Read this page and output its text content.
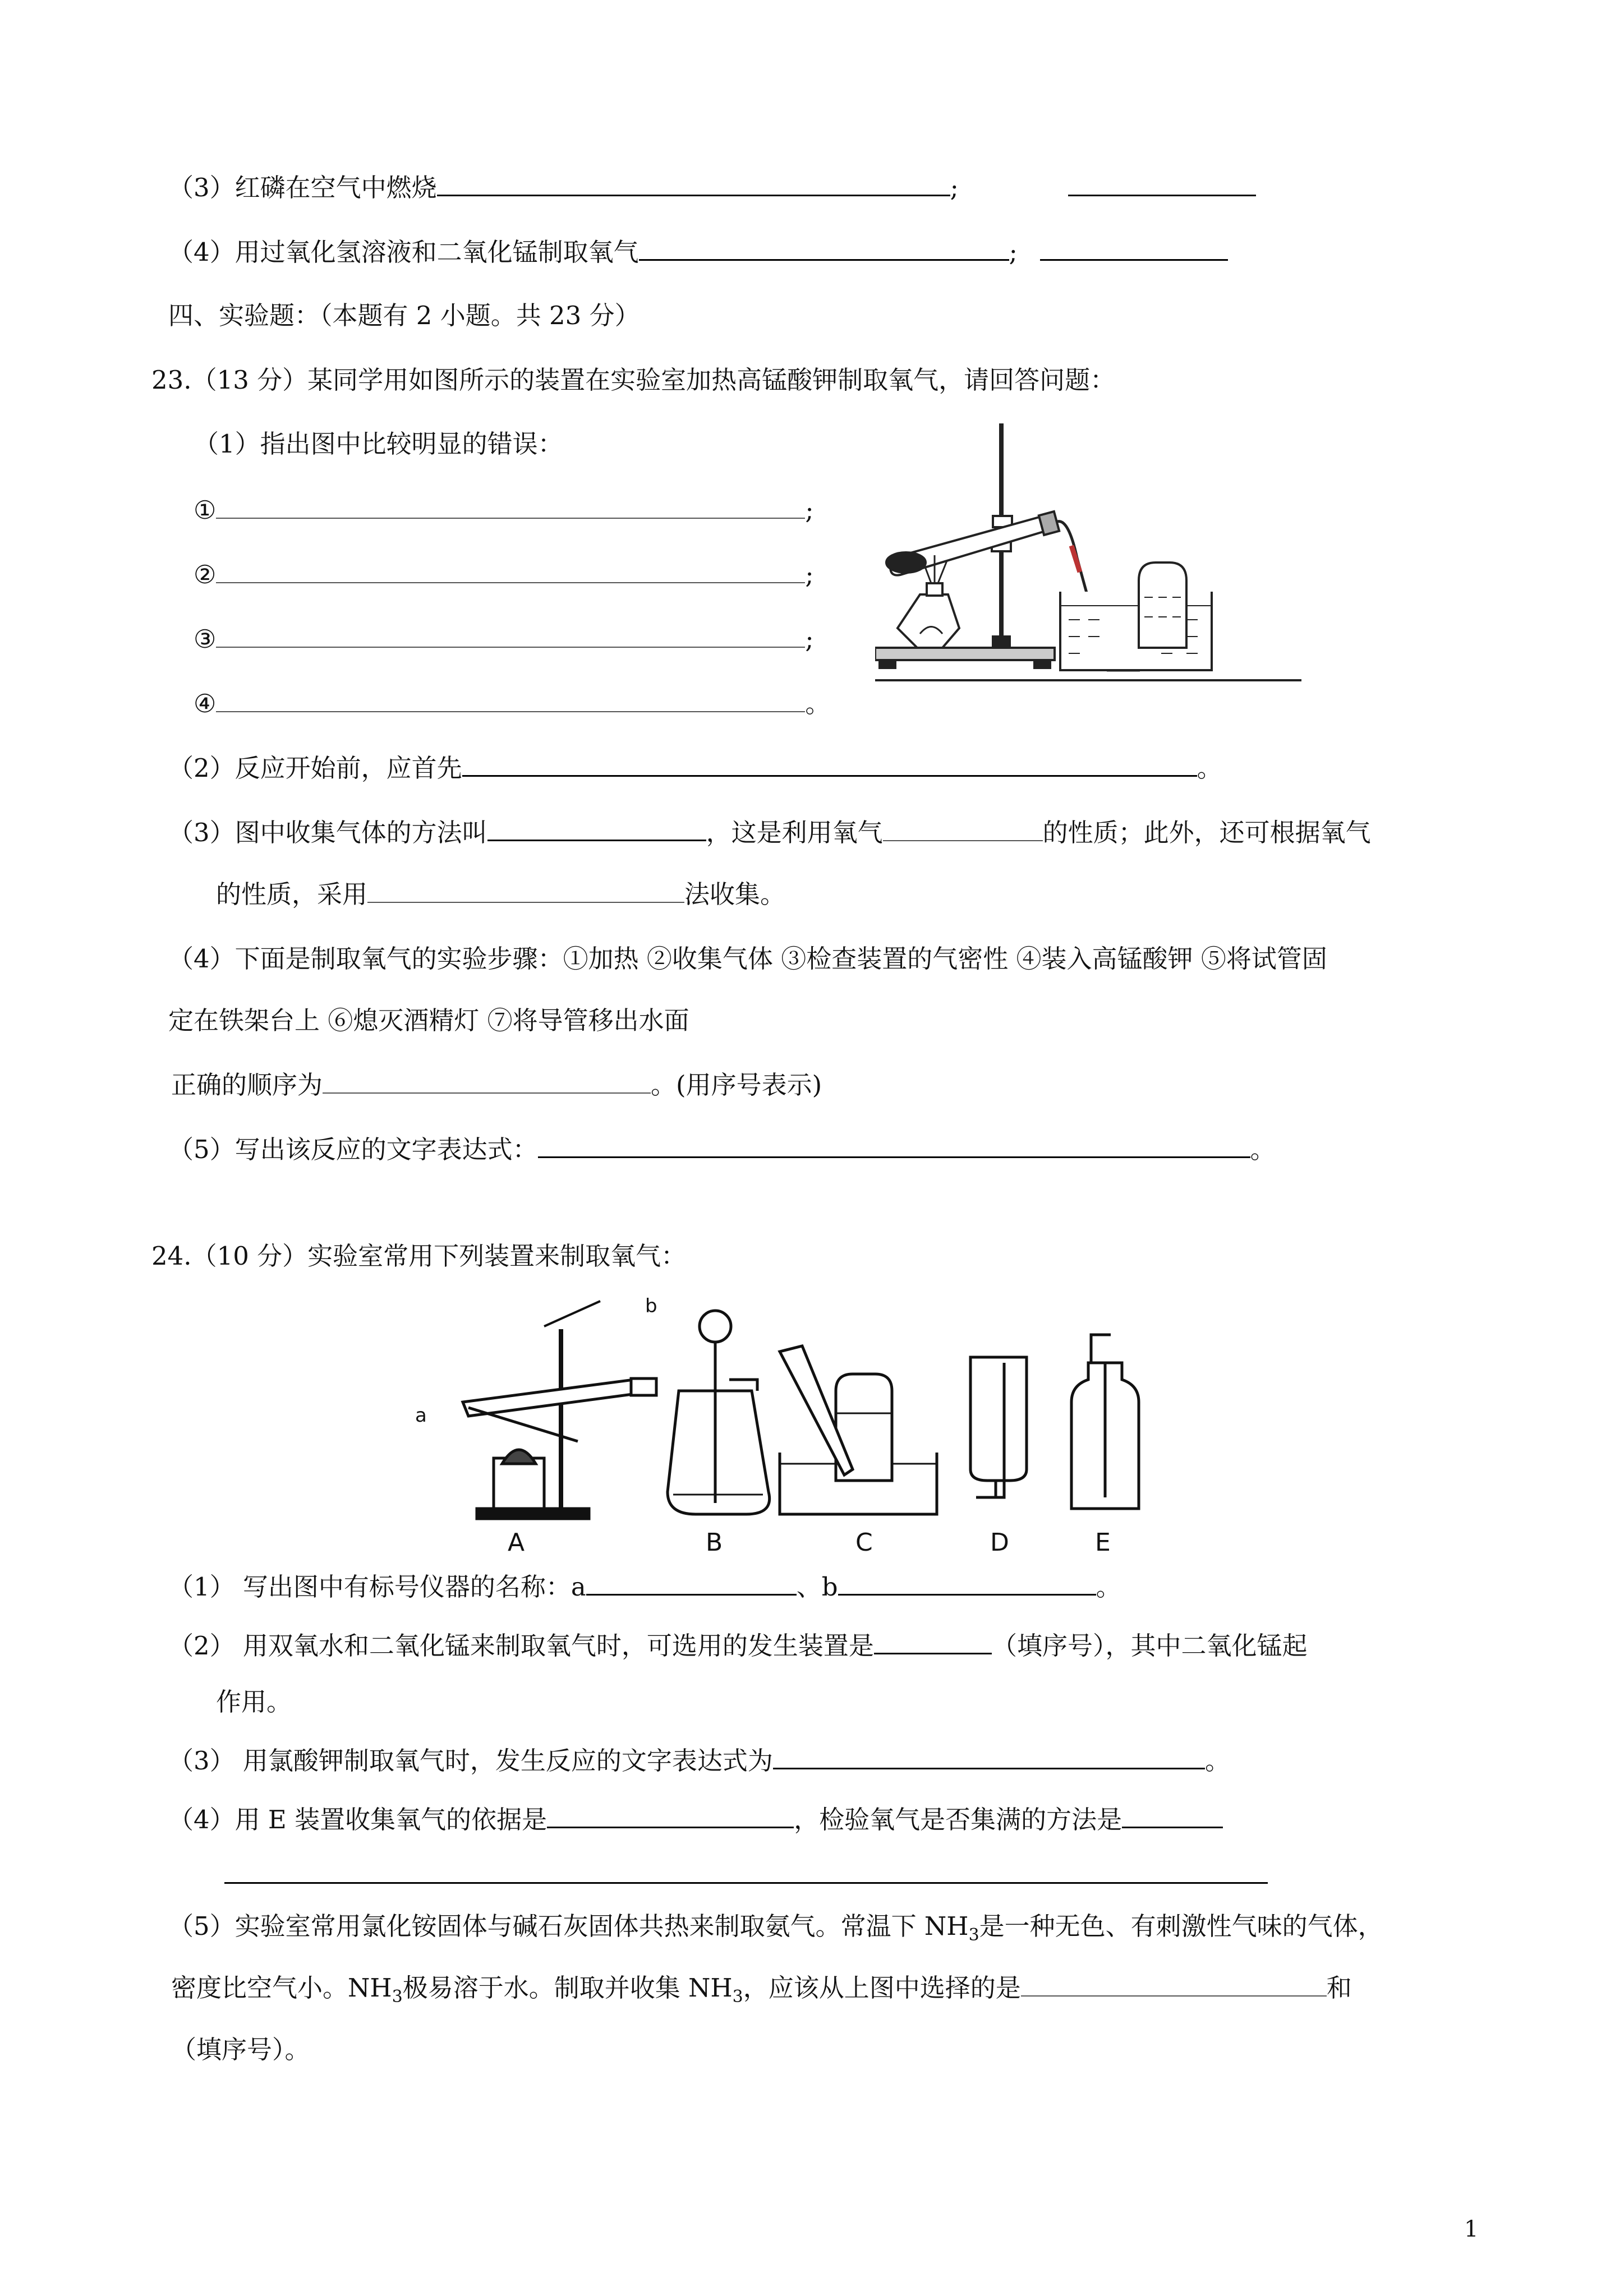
（3）红磷在空气中燃烧	;
（4）用过氧化氢溶液和二氧化锰制取氧气	;
四、实验题：（本题有 2 小题。共 23 分）
23.（13 分）某同学用如图所示的装置在实验室加热高锰酸钾制取氧气，请回答问题：
（1）指出图中比较明显的错误：
①	;
②	;
③	;
④	。
（2）反应开始前，应首先	。
（3）图中收集气体的方法叫	，这是利用氧气	的性质；此外，还可根据氧气
的性质，采用	法收集。
（4）下面是制取氧气的实验步骤：①加热 ②收集气体 ③检查装置的气密性 ④装入高锰酸钾 ⑤将试管固
定在铁架台上 ⑥熄灭酒精灯 ⑦将导管移出水面
正确的顺序为	。(用序号表示)
（5）写出该反应的文字表达式：	。
24.（10 分）实验室常用下列装置来制取氧气：
A	B	C	D	E
a
b
（1） 写出图中有标号仪器的名称：a	、b	。
（2） 用双氧水和二氧化锰来制取氧气时，可选用的发生装置是	（填序号），其中二氧化锰起
作用。
（3） 用氯酸钾制取氧气时，发生反应的文字表达式为	。
（4）用 E 装置收集氧气的依据是	，检验氧气是否集满的方法是
（5）实验室常用氯化铵固体与碱石灰固体共热来制取氨气。常温下 $NH_3$是一种无色、有刺激性气味的气体，
密度比空气小。$NH_3$极易溶于水。制取并收集 $NH_3$，应该从上图中选择的是	和
（填序号）。
1
